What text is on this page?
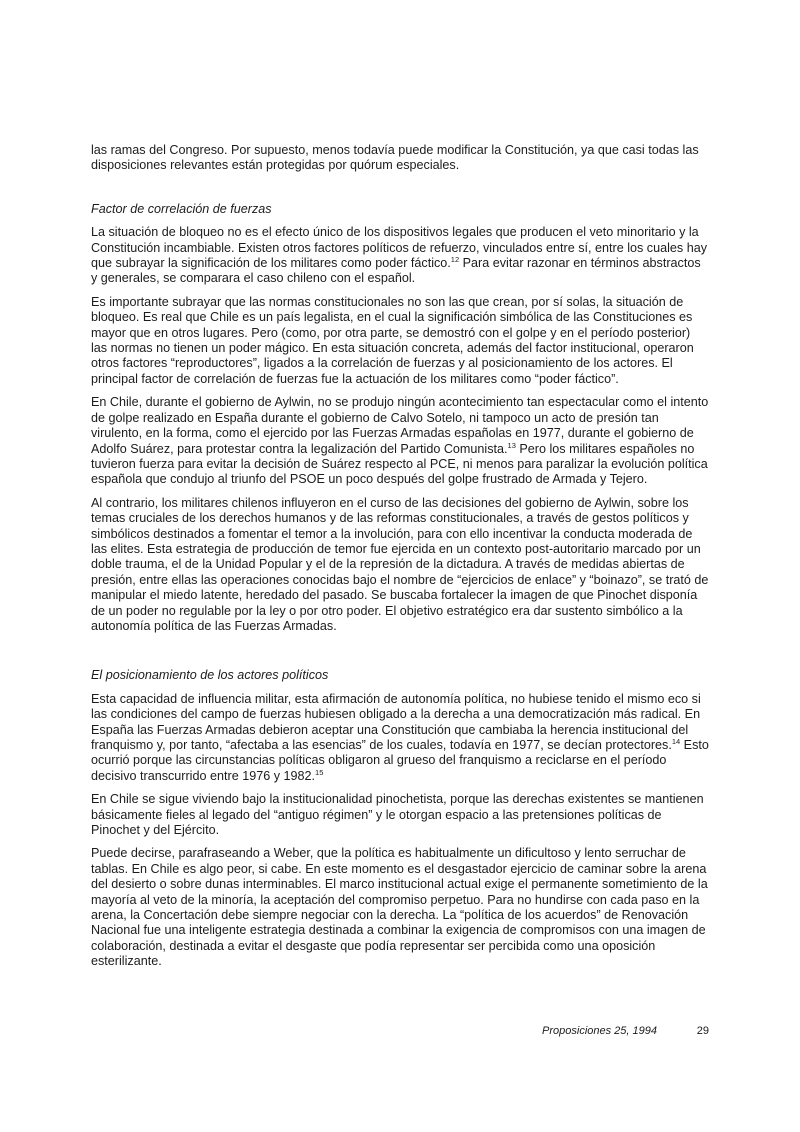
las ramas del Congreso. Por supuesto, menos todavía puede modificar la Constitución, ya que casi todas las disposiciones relevantes están protegidas por quórum especiales.

Factor de correlación de fuerzas

La situación de bloqueo no es el efecto único de los dispositivos legales que producen el veto minoritario y la Constitución incambiable. Existen otros factores políticos de refuerzo, vinculados entre sí, entre los cuales hay que subrayar la significación de los militares como poder fáctico.$^{12}$ Para evitar razonar en términos abstractos y generales, se comparara el caso chileno con el español.

Es importante subrayar que las normas constitucionales no son las que crean, por sí solas, la situación de bloqueo. Es real que Chile es un país legalista, en el cual la significación simbólica de las Constituciones es mayor que en otros lugares. Pero (como, por otra parte, se demostró con el golpe y en el período posterior) las normas no tienen un poder mágico. En esta situación concreta, además del factor institucional, operaron otros factores “reproductores”, ligados a la correlación de fuerzas y al posicionamiento de los actores. El principal factor de correlación de fuerzas fue la actuación de los militares como “poder fáctico”.

En Chile, durante el gobierno de Aylwin, no se produjo ningún acontecimiento tan espectacular como el intento de golpe realizado en España durante el gobierno de Calvo Sotelo, ni tampoco un acto de presión tan virulento, en la forma, como el ejercido por las Fuerzas Armadas españolas en 1977, durante el gobierno de Adolfo Suárez, para protestar contra la legalización del Partido Comunista.$^{13}$ Pero los militares españoles no tuvieron fuerza para evitar la decisión de Suárez respecto al PCE, ni menos para paralizar la evolución política española que condujo al triunfo del PSOE un poco después del golpe frustrado de Armada y Tejero.

Al contrario, los militares chilenos influyeron en el curso de las decisiones del gobierno de Aylwin, sobre los temas cruciales de los derechos humanos y de las reformas constitucionales, a través de gestos políticos y simbólicos destinados a fomentar el temor a la involución, para con ello incentivar la conducta moderada de las elites. Esta estrategia de producción de temor fue ejercida en un contexto post-autoritario marcado por un doble trauma, el de la Unidad Popular y el de la represión de la dictadura. A través de medidas abiertas de presión, entre ellas las operaciones conocidas bajo el nombre de “ejercicios de enlace” y “boinazo”, se trató de manipular el miedo latente, heredado del pasado. Se buscaba fortalecer la imagen de que Pinochet disponía de un poder no regulable por la ley o por otro poder. El objetivo estratégico era dar sustento simbólico a la autonomía política de las Fuerzas Armadas.

El posicionamiento de los actores políticos

Esta capacidad de influencia militar, esta afirmación de autonomía política, no hubiese tenido el mismo eco si las condiciones del campo de fuerzas hubiesen obligado a la derecha a una democratización más radical. En España las Fuerzas Armadas debieron aceptar una Constitución que cambiaba la herencia institucional del franquismo y, por tanto, “afectaba a las esencias” de los cuales, todavía en 1977, se decían protectores.$^{14}$ Esto ocurrió porque las circunstancias políticas obligaron al grueso del franquismo a reciclarse en el período decisivo transcurrido entre 1976 y 1982.15

En Chile se sigue viviendo bajo la institucionalidad pinochetista, porque las derechas existentes se mantienen básicamente fieles al legado del “antiguo régimen” y le otorgan espacio a las pretensiones políticas de Pinochet y del Ejército.

Puede decirse, parafraseando a Weber, que la política es habitualmente un dificultoso y lento serruchar de tablas. En Chile es algo peor, si cabe. En este momento es el desgastador ejercicio de caminar sobre la arena del desierto o sobre dunas interminables. El marco institucional actual exige el permanente sometimiento de la mayoría al veto de la minoría, la aceptación del compromiso perpetuo. Para no hundirse con cada paso en la arena, la Concertación debe siempre negociar con la derecha. La “política de los acuerdos” de Renovación Nacional fue una inteligente estrategia destinada a combinar la exigencia de compromisos con una imagen de colaboración, destinada a evitar el desgaste que podía representar ser percibida como una oposición esterilizante.

Proposiciones 25, 1994	29
